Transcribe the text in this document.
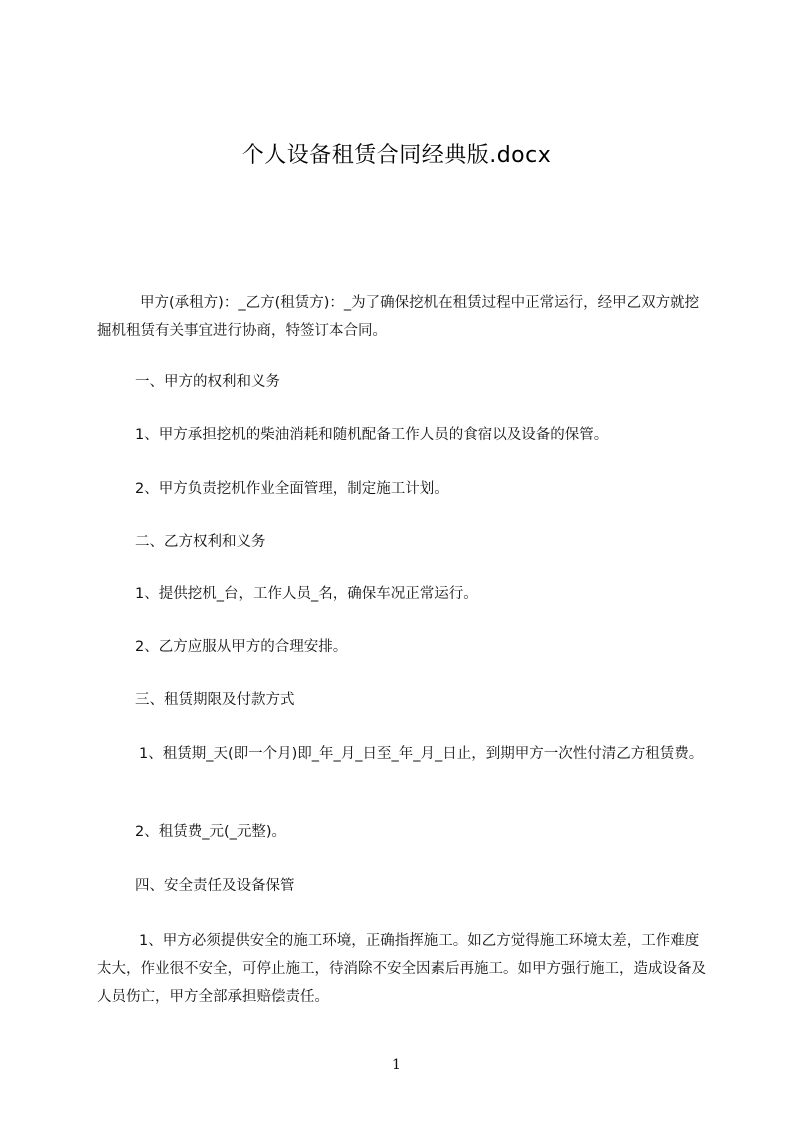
个人设备租赁合同经典版.docx

甲方(承租方)：_乙方(租赁方)：_为了确保挖机在租赁过程中正常运行，经甲乙双方就挖掘机租赁有关事宜进行协商，特签订本合同。

一、甲方的权利和义务

1、甲方承担挖机的柴油消耗和随机配备工作人员的食宿以及设备的保管。

2、甲方负责挖机作业全面管理，制定施工计划。

二、乙方权利和义务

1、提供挖机_台，工作人员_名，确保车况正常运行。

2、乙方应服从甲方的合理安排。

三、租赁期限及付款方式

1、租赁期_天(即一个月)即_年_月_日至_年_月_日止，到期甲方一次性付清乙方租赁费。

2、租赁费_元(_元整)。

四、安全责任及设备保管

1、甲方必须提供安全的施工环境，正确指挥施工。如乙方觉得施工环境太差，工作难度太大，作业很不安全，可停止施工，待消除不安全因素后再施工。如甲方强行施工，造成设备及人员伤亡，甲方全部承担赔偿责任。

1
